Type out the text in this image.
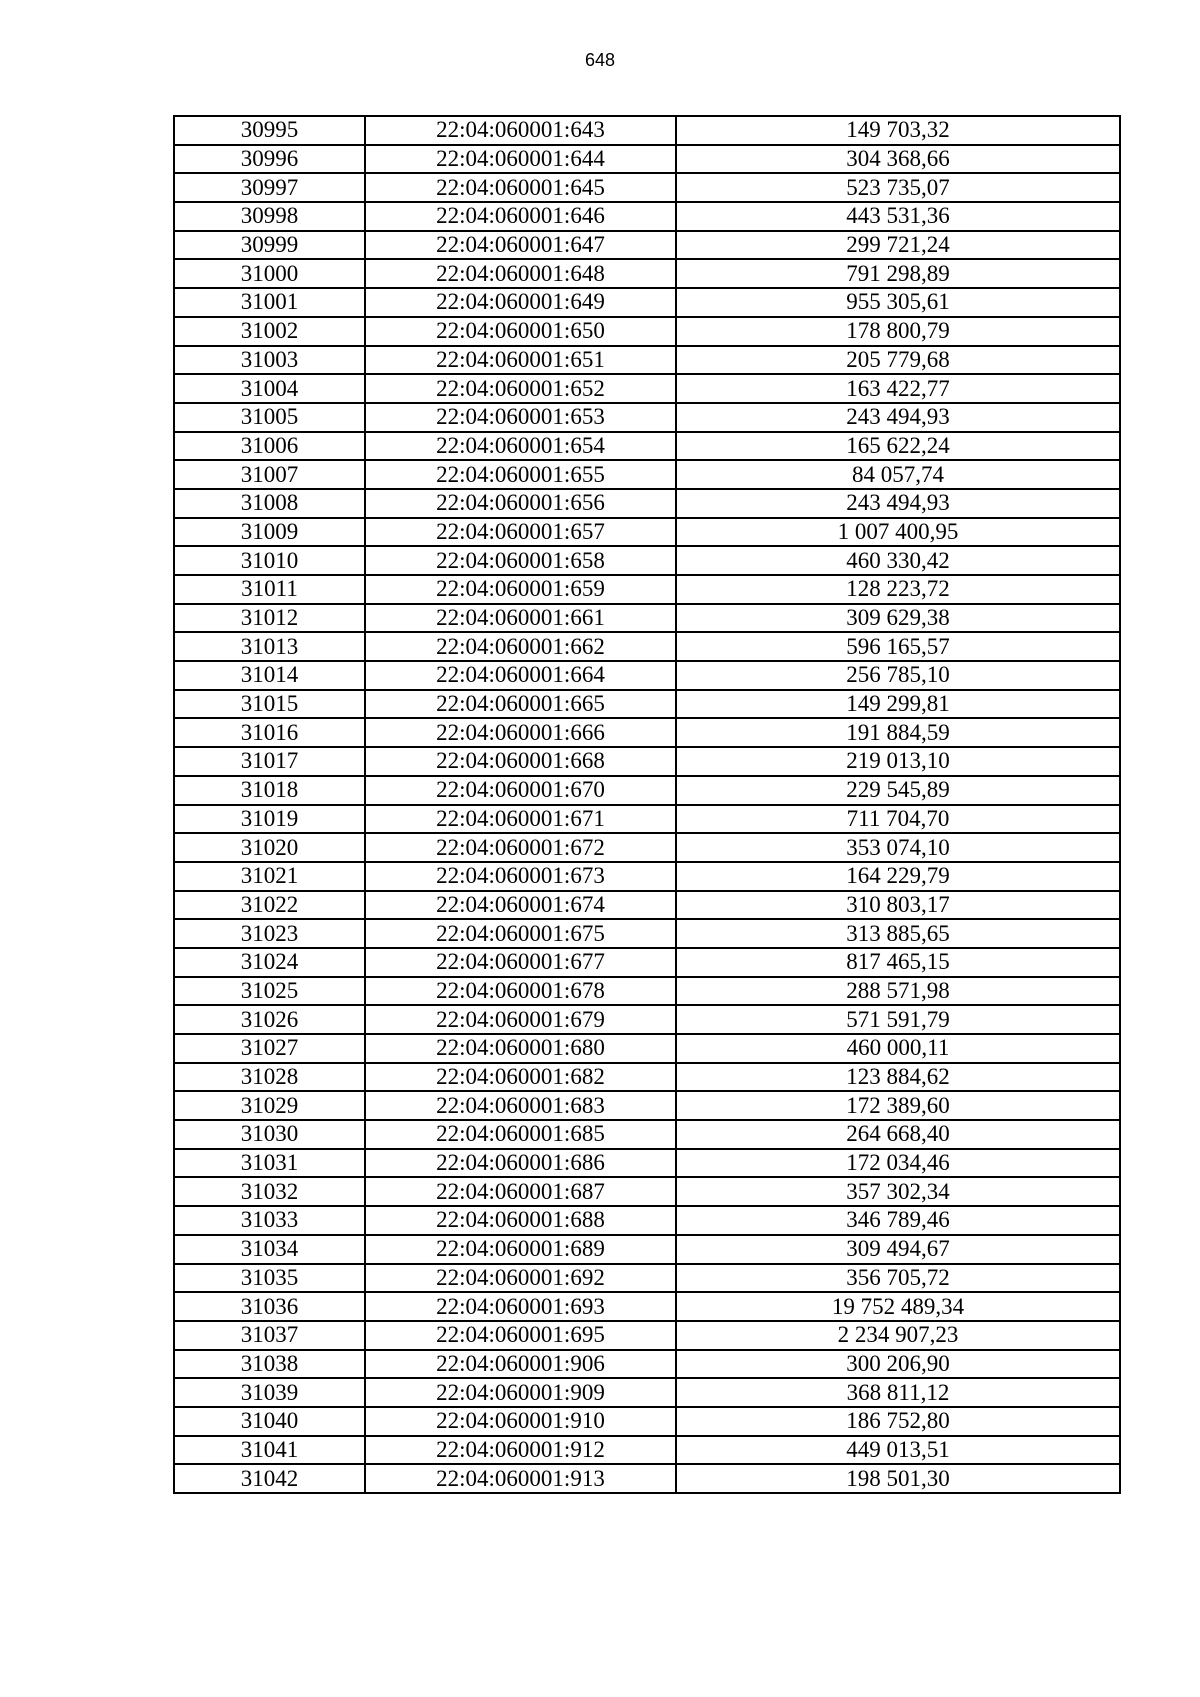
648
30995	22:04:060001:643	149 703,32
30996	22:04:060001:644	304 368,66
30997	22:04:060001:645	523 735,07
30998	22:04:060001:646	443 531,36
30999	22:04:060001:647	299 721,24
31000	22:04:060001:648	791 298,89
31001	22:04:060001:649	955 305,61
31002	22:04:060001:650	178 800,79
31003	22:04:060001:651	205 779,68
31004	22:04:060001:652	163 422,77
31005	22:04:060001:653	243 494,93
31006	22:04:060001:654	165 622,24
31007	22:04:060001:655	84 057,74
31008	22:04:060001:656	243 494,93
31009	22:04:060001:657	1 007 400,95
31010	22:04:060001:658	460 330,42
31011	22:04:060001:659	128 223,72
31012	22:04:060001:661	309 629,38
31013	22:04:060001:662	596 165,57
31014	22:04:060001:664	256 785,10
31015	22:04:060001:665	149 299,81
31016	22:04:060001:666	191 884,59
31017	22:04:060001:668	219 013,10
31018	22:04:060001:670	229 545,89
31019	22:04:060001:671	711 704,70
31020	22:04:060001:672	353 074,10
31021	22:04:060001:673	164 229,79
31022	22:04:060001:674	310 803,17
31023	22:04:060001:675	313 885,65
31024	22:04:060001:677	817 465,15
31025	22:04:060001:678	288 571,98
31026	22:04:060001:679	571 591,79
31027	22:04:060001:680	460 000,11
31028	22:04:060001:682	123 884,62
31029	22:04:060001:683	172 389,60
31030	22:04:060001:685	264 668,40
31031	22:04:060001:686	172 034,46
31032	22:04:060001:687	357 302,34
31033	22:04:060001:688	346 789,46
31034	22:04:060001:689	309 494,67
31035	22:04:060001:692	356 705,72
31036	22:04:060001:693	19 752 489,34
31037	22:04:060001:695	2 234 907,23
31038	22:04:060001:906	300 206,90
31039	22:04:060001:909	368 811,12
31040	22:04:060001:910	186 752,80
31041	22:04:060001:912	449 013,51
31042	22:04:060001:913	198 501,30
